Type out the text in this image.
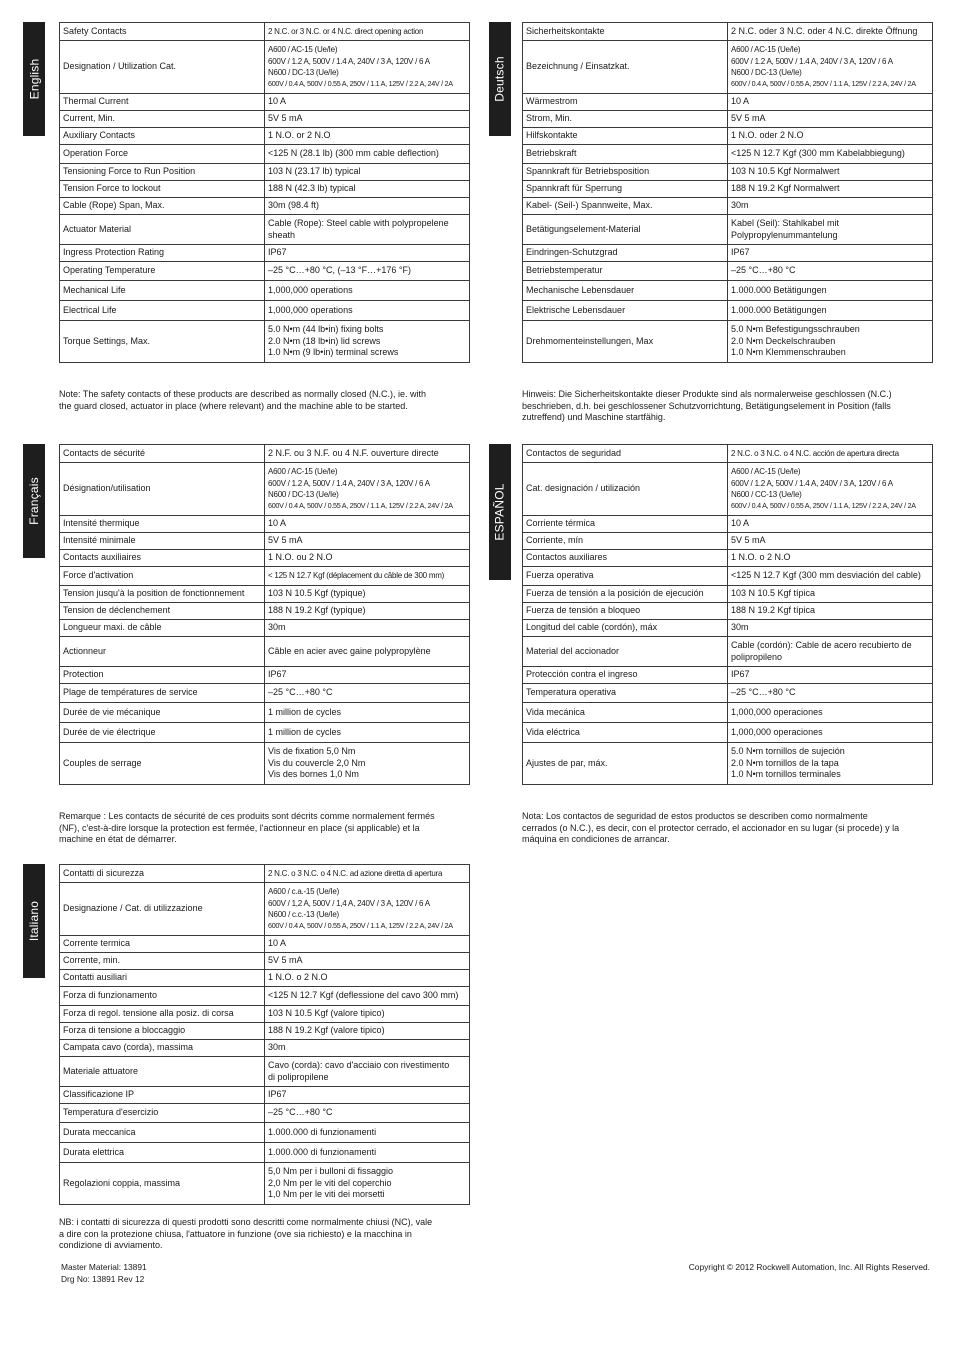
English
Safety Contacts	2 N.C. or 3 N.C. or 4 N.C. direct opening action

Designation / Utilization Cat.	A600 / AC-15 (Ue/Ie)
600V / 1.2 A, 500V / 1.4 A, 240V / 3 A, 120V / 6 A
N600 / DC-13 (Ue/Ie)
600V / 0.4 A, 500V / 0.55 A, 250V / 1.1 A, 125V / 2.2 A, 24V / 2A

Thermal Current	10 A

Current, Min.	5V 5 mA

Auxiliary Contacts	1 N.O. or 2 N.O

Operation Force	<125 N (28.1 lb) (300 mm cable deflection)

Tensioning Force to Run Position	103 N (23.17 lb) typical

Tension Force to lockout	188 N (42.3 lb) typical

Cable (Rope) Span, Max.	30m (98.4 ft)

Actuator Material	Cable (Rope): Steel cable with polypropelene
sheath

Ingress Protection Rating	IP67

Operating Temperature	–25 °C…+80 °C, (–13 °F…+176 °F)

Mechanical Life	1,000,000 operations

Electrical Life	1,000,000 operations

Torque Settings, Max.	5.0 N•m (44 lb•in) fixing bolts
2.0 N•m (18 lb•in) lid screws
1.0 N•m (9 lb•in) terminal screws
Note: The safety contacts of these products are described as normally closed (N.C.), ie. with
the guard closed, actuator in place (where relevant) and the machine able to be started.
Deutsch
Sicherheitskontakte	2 N.C. oder 3 N.C. oder 4 N.C. direkte Öffnung

Bezeichnung / Einsatzkat.	A600 / AC-15 (Ue/Ie)
600V / 1.2 A, 500V / 1.4 A, 240V / 3 A, 120V / 6 A
N600 / DC-13 (Ue/Ie)
600V / 0.4 A, 500V / 0.55 A, 250V / 1.1 A, 125V / 2.2 A, 24V / 2A

Wärmestrom	10 A

Strom, Min.	5V 5 mA

Hilfskontakte	1 N.O. oder 2 N.O

Betriebskraft	<125 N 12.7 Kgf (300 mm Kabelabbiegung)

Spannkraft für Betriebsposition	103 N 10.5 Kgf Normalwert

Spannkraft für Sperrung	188 N 19.2 Kgf Normalwert

Kabel- (Seil-) Spannweite, Max.	30m

Betätigungselement-Material	Kabel (Seil): Stahlkabel mit
Polypropylenummantelung

Eindringen-Schutzgrad	IP67

Betriebstemperatur	–25 °C…+80 °C

Mechanische Lebensdauer	1.000.000 Betätigungen

Elektrische Lebensdauer	1.000.000 Betätigungen

Drehmomenteinstellungen, Max	5.0 N•m Befestigungsschrauben
2.0 N•m Deckelschrauben
1.0 N•m Klemmenschrauben
Hinweis: Die Sicherheitskontakte dieser Produkte sind als normalerweise geschlossen (N.C.)
beschrieben, d.h. bei geschlossener Schutzvorrichtung, Betätigungselement in Position (falls
zutreffend) und Maschine startfähig.
Français
Contacts de sécurité	2 N.F. ou 3 N.F. ou 4 N.F. ouverture directe

Désignation/utilisation	A600 / AC-15 (Ue/Ie)
600V / 1.2 A, 500V / 1.4 A, 240V / 3 A, 120V / 6 A
N600 / DC-13 (Ue/Ie)
600V / 0.4 A, 500V / 0.55 A, 250V / 1.1 A, 125V / 2.2 A, 24V / 2A

Intensité thermique	10 A

Intensité minimale	5V 5 mA

Contacts auxiliaires	1 N.O. ou 2 N.O

Force d'activation	< 125 N 12.7 Kgf (déplacement du câble de 300 mm)

Tension jusqu'à la position de fonctionnement	103 N 10.5 Kgf (typique)

Tension de déclenchement	188 N 19.2 Kgf (typique)

Longueur maxi. de câble	30m

Actionneur	Câble en acier avec gaine polypropylène

Protection	IP67

Plage de températures de service	–25 °C…+80 °C

Durée de vie mécanique	1 million de cycles

Durée de vie électrique	1 million de cycles

Couples de serrage	Vis de fixation 5,0 Nm
Vis du couvercle 2,0 Nm
Vis des bornes 1,0 Nm
Remarque : Les contacts de sécurité de ces produits sont décrits comme normalement fermés
(NF), c'est-à-dire lorsque la protection est fermée, l'actionneur en place (si applicable) et la
machine en état de démarrer.
ESPAÑOL
Contactos de seguridad	2 N.C. o 3 N.C. o 4 N.C. acción de apertura directa

Cat. designación / utilización	A600 / AC-15 (Ue/Ie)
600V / 1.2 A, 500V / 1.4 A, 240V / 3 A, 120V / 6 A
N600 / CC-13 (Ue/Ie)
600V / 0.4 A, 500V / 0.55 A, 250V / 1.1 A, 125V / 2.2 A, 24V / 2A

Corriente térmica	10 A

Corriente, mín	5V 5 mA

Contactos auxiliares	1 N.O. o 2 N.O

Fuerza operativa	<125 N 12.7 Kgf (300 mm desviación del cable)

Fuerza de tensión a la posición de ejecución	103 N 10.5 Kgf típica

Fuerza de tensión a bloqueo	188 N 19.2 Kgf típica

Longitud del cable (cordón), máx	30m

Material del accionador	Cable (cordón): Cable de acero recubierto de
polipropileno

Protección contra el ingreso	IP67

Temperatura operativa	–25 °C…+80 °C

Vida mecánica	1,000,000 operaciones

Vida eléctrica	1,000,000 operaciones

Ajustes de par, máx.	5.0 N•m tornillos de sujeción
2.0 N•m tornillos de la tapa
1.0 N•m tornillos terminales
Nota: Los contactos de seguridad de estos productos se describen como normalmente
cerrados (o N.C.), es decir, con el protector cerrado, el accionador en su lugar (si procede) y la
máquina en condiciones de arrancar.
Italiano
Contatti di sicurezza	2 N.C. o 3 N.C. o 4 N.C. ad azione diretta di apertura

Designazione / Cat. di utilizzazione	A600 / c.a.-15 (Ue/Ie)
600V / 1,2 A, 500V / 1,4 A, 240V / 3 A, 120V / 6 A
N600 / c.c.-13 (Ue/Ie)
600V / 0.4 A, 500V / 0.55 A, 250V / 1.1 A, 125V / 2.2 A, 24V / 2A

Corrente termica	10 A

Corrente, min.	5V 5 mA

Contatti ausiliari	1 N.O. o 2 N.O

Forza di funzionamento	<125 N 12.7 Kgf (deflessione del cavo 300 mm)

Forza di regol. tensione alla posiz. di corsa	103 N 10.5 Kgf (valore tipico)

Forza di tensione a bloccaggio	188 N 19.2 Kgf (valore tipico)

Campata cavo (corda), massima	30m

Materiale attuatore	Cavo (corda): cavo d'acciaio con rivestimento
di polipropilene

Classificazione IP	IP67

Temperatura d'esercizio	–25 °C…+80 °C

Durata meccanica	1.000.000 di funzionamenti

Durata elettrica	1.000.000 di funzionamenti

Regolazioni coppia, massima	5,0 Nm per i bulloni di fissaggio
2,0 Nm per le viti del coperchio
1,0 Nm per le viti dei morsetti
NB: i contatti di sicurezza di questi prodotti sono descritti come normalmente chiusi (NC), vale
a dire con la protezione chiusa, l'attuatore in funzione (ove sia richiesto) e la macchina in
condizione di avviamento.
Master Material: 13891
Drg No: 13891 Rev 12
Copyright © 2012 Rockwell Automation, Inc. All Rights Reserved.
